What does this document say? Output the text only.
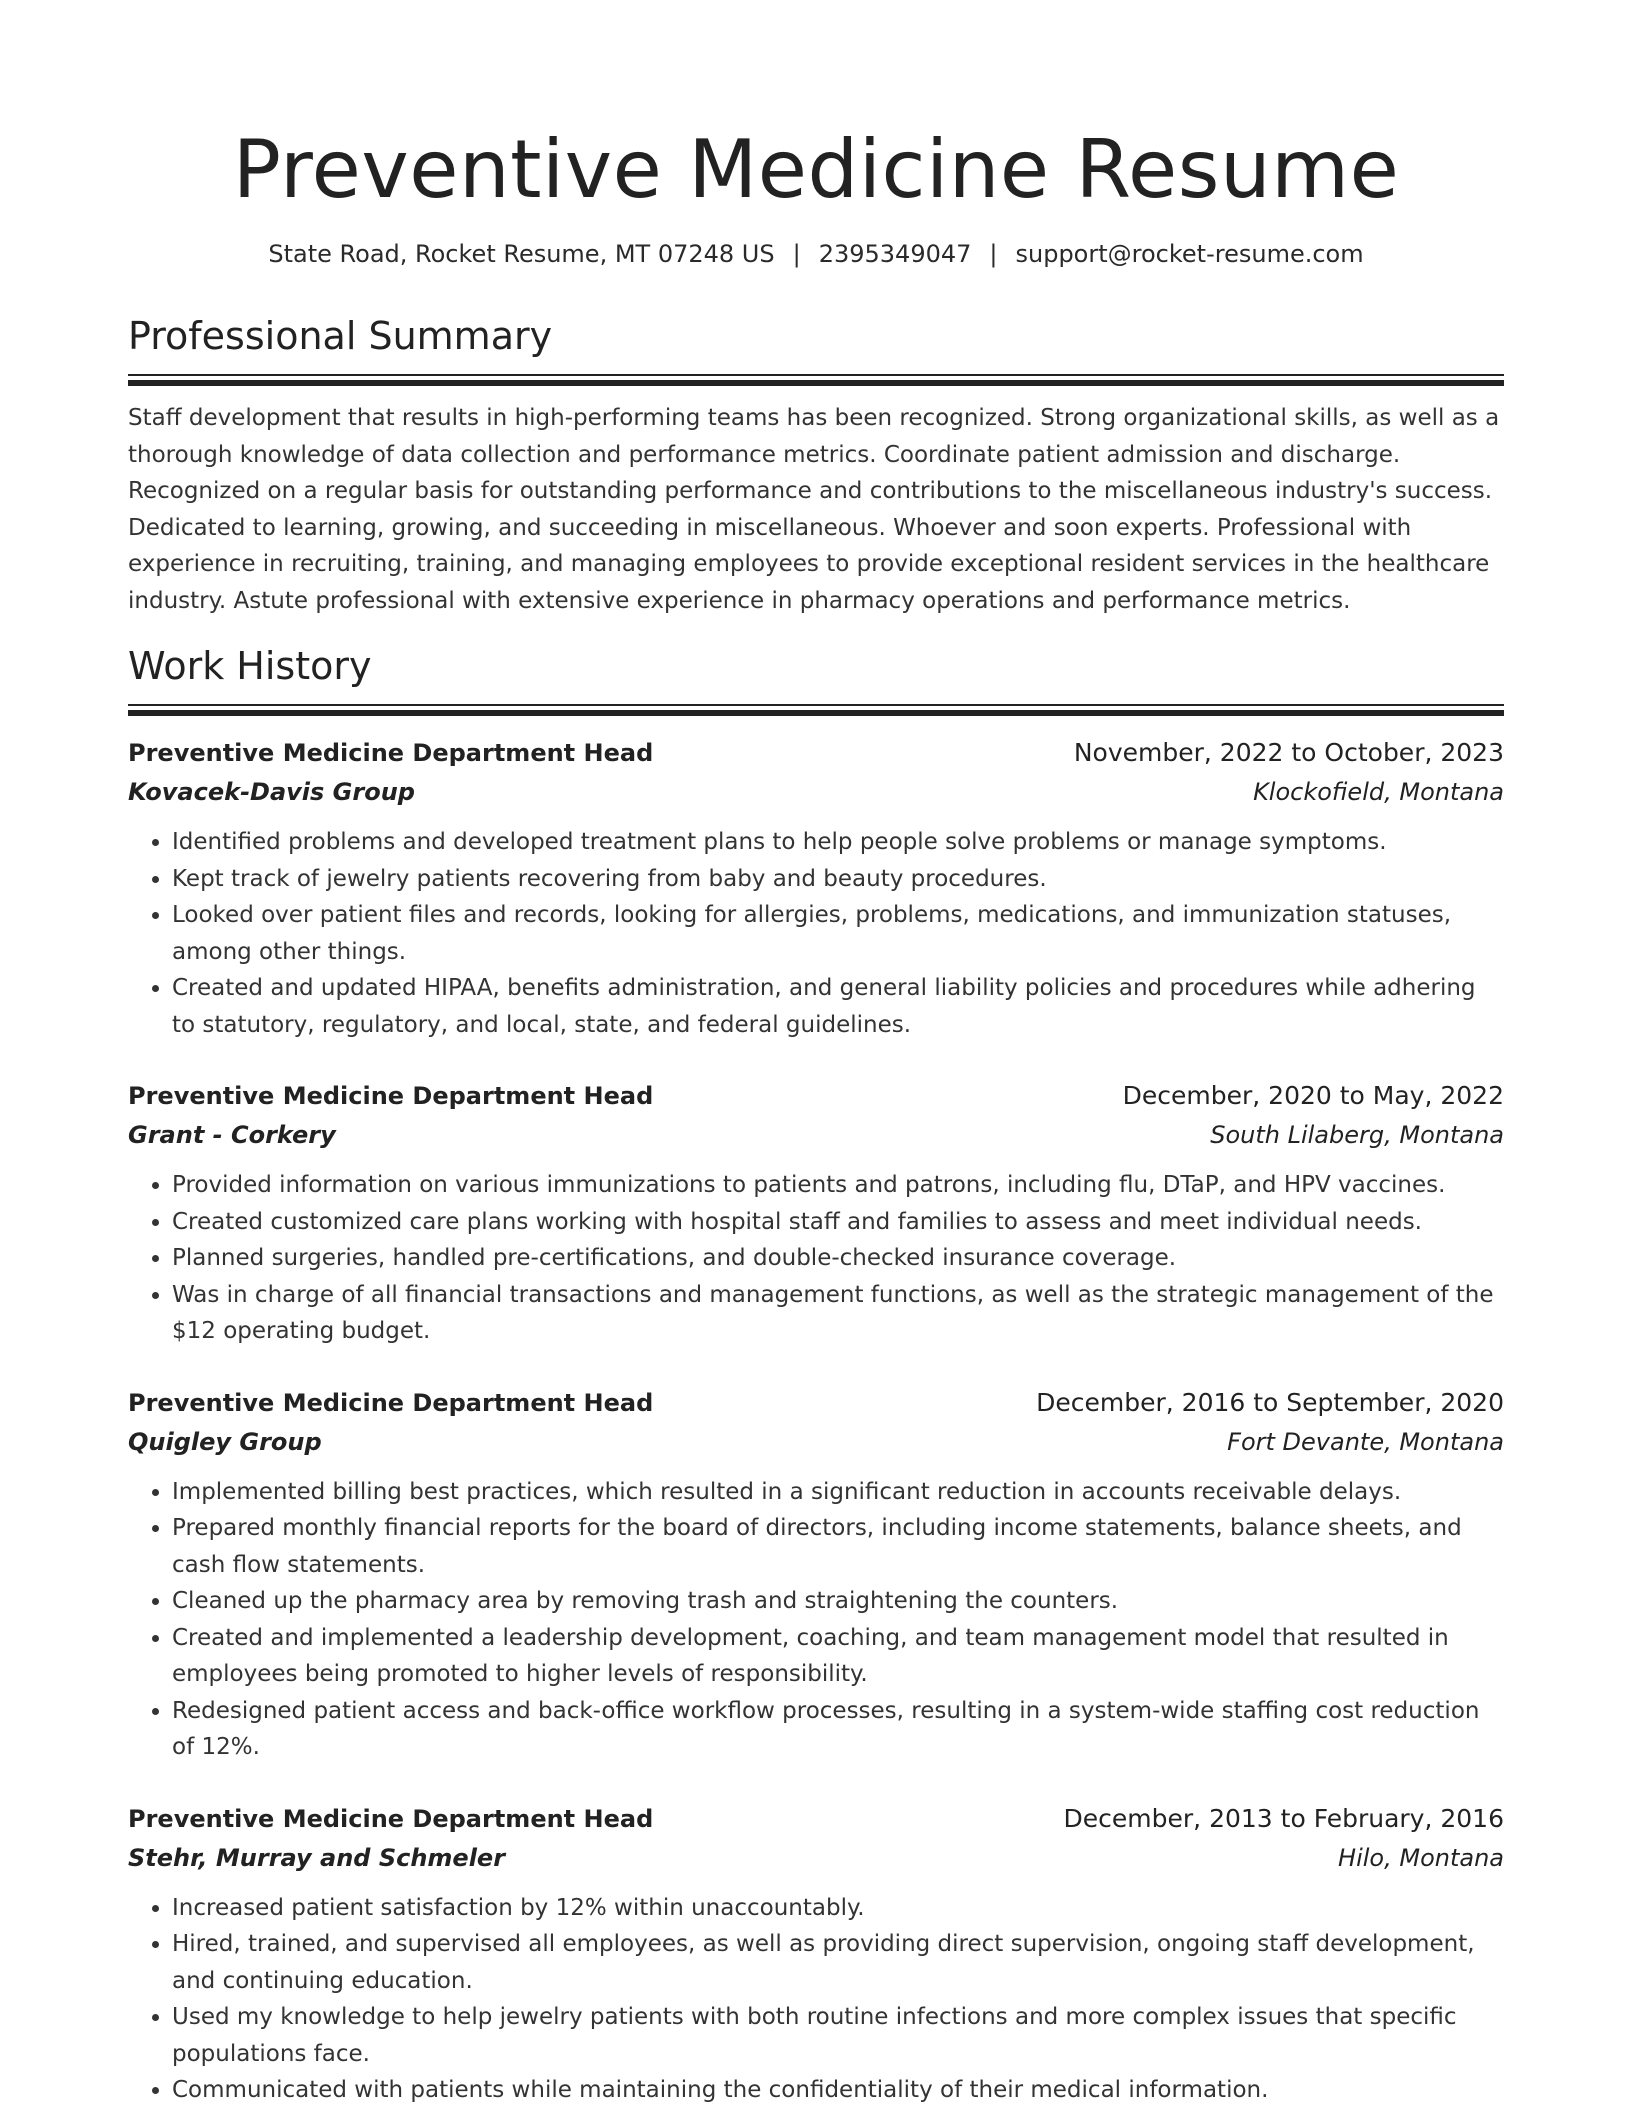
Preventive Medicine Resume
State Road, Rocket Resume, MT 07248 US | 2395349047 | support@rocket-resume.com
Professional Summary

Staff development that results in high-performing teams has been recognized. Strong organizational skills, as well as a thorough knowledge of data collection and performance metrics. Coordinate patient admission and discharge. Recognized on a regular basis for outstanding performance and contributions to the miscellaneous industry's success. Dedicated to learning, growing, and succeeding in miscellaneous. Whoever and soon experts. Professional with experience in recruiting, training, and managing employees to provide exceptional resident services in the healthcare industry. Astute professional with extensive experience in pharmacy operations and performance metrics.

Work History
Preventive Medicine Department Head	November, 2022 to October, 2023
Kovacek-Davis Group	Klockofield, Montana
• Identified problems and developed treatment plans to help people solve problems or manage symptoms.
• Kept track of jewelry patients recovering from baby and beauty procedures.
• Looked over patient files and records, looking for allergies, problems, medications, and immunization statuses, among other things.
• Created and updated HIPAA, benefits administration, and general liability policies and procedures while adhering to statutory, regulatory, and local, state, and federal guidelines.
Preventive Medicine Department Head	December, 2020 to May, 2022
Grant - Corkery	South Lilaberg, Montana
• Provided information on various immunizations to patients and patrons, including flu, DTaP, and HPV vaccines.
• Created customized care plans working with hospital staff and families to assess and meet individual needs.
• Planned surgeries, handled pre-certifications, and double-checked insurance coverage.
• Was in charge of all financial transactions and management functions, as well as the strategic management of the $12 operating budget.
Preventive Medicine Department Head	December, 2016 to September, 2020
Quigley Group	Fort Devante, Montana
• Implemented billing best practices, which resulted in a significant reduction in accounts receivable delays.
• Prepared monthly financial reports for the board of directors, including income statements, balance sheets, and cash flow statements.
• Cleaned up the pharmacy area by removing trash and straightening the counters.
• Created and implemented a leadership development, coaching, and team management model that resulted in employees being promoted to higher levels of responsibility.
• Redesigned patient access and back-office workflow processes, resulting in a system-wide staffing cost reduction of 12%.
Preventive Medicine Department Head	December, 2013 to February, 2016
Stehr, Murray and Schmeler	Hilo, Montana
• Increased patient satisfaction by 12% within unaccountably.
• Hired, trained, and supervised all employees, as well as providing direct supervision, ongoing staff development, and continuing education.
• Used my knowledge to help jewelry patients with both routine infections and more complex issues that specific populations face.
• Communicated with patients while maintaining the confidentiality of their medical information.
